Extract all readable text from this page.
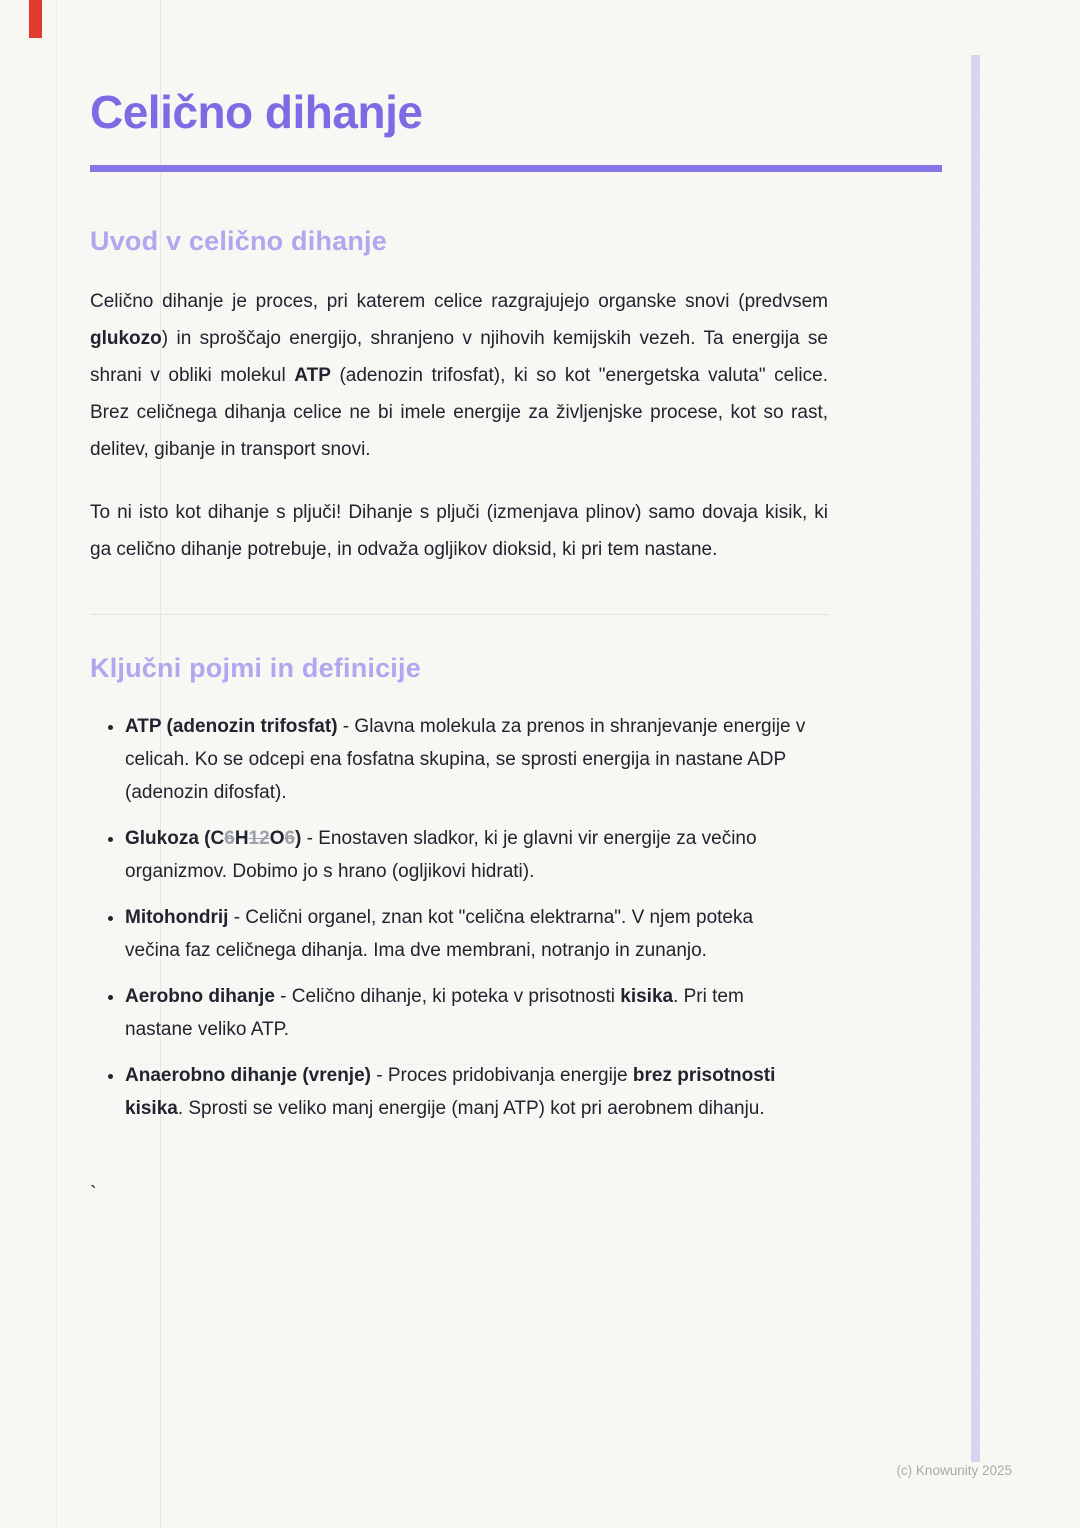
Celično dihanje
Uvod v celično dihanje

Celično dihanje je proces, pri katerem celice razgrajujejo organske snovi (predvsem glukozo) in sproščajo energijo, shranjeno v njihovih kemijskih vezeh. Ta energija se shrani v obliki molekul ATP (adenozin trifosfat), ki so kot "energetska valuta" celice. Brez celičnega dihanja celice ne bi imele energije za življenjske procese, kot so rast, delitev, gibanje in transport snovi.

To ni isto kot dihanje s pljuči! Dihanje s pljuči (izmenjava plinov) samo dovaja kisik, ki ga celično dihanje potrebuje, in odvaža ogljikov dioksid, ki pri tem nastane.

Ključni pojmi in definicije
• ATP (adenozin trifosfat) - Glavna molekula za prenos in shranjevanje energije v celicah. Ko se odcepi ena fosfatna skupina, se sprosti energija in nastane ADP (adenozin difosfat).
• Glukoza (C6H12O6) - Enostaven sladkor, ki je glavni vir energije za večino organizmov. Dobimo jo s hrano (ogljikovi hidrati).
• Mitohondrij - Celični organel, znan kot "celična elektrarna". V njem poteka večina faz celičnega dihanja. Ima dve membrani, notranjo in zunanjo.
• Aerobno dihanje - Celično dihanje, ki poteka v prisotnosti kisika. Pri tem nastane veliko ATP.
• Anaerobno dihanje (vrenje) - Proces pridobivanja energije brez prisotnosti kisika. Sprosti se veliko manj energije (manj ATP) kot pri aerobnem dihanju.
`
(c) Knowunity 2025
